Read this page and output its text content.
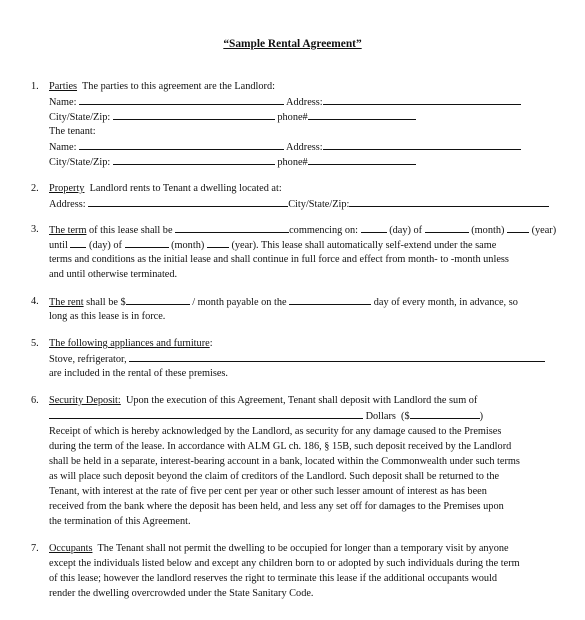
“Sample Rental Agreement”
1. Parties The parties to this agreement are the Landlord:
Name:	Address:
City/State/Zip:	phone#
The tenant:
Name:	Address:
City/State/Zip:	phone#
2. Property Landlord rents to Tenant a dwelling located at:
Address:	City/State/Zip:
3. The term of this lease shall be	commencing on:	(day) of	(month)	(year)
until (day) of	(month)	(year). This lease shall automatically self-extend under the same
terms and conditions as the initial lease and shall continue in full force and effect from month- to -month unless
and until otherwise terminated.
4. The rent shall be $	/ month payable on the	day of every month, in advance, so
long as this lease is in force.
5. The following appliances and furniture:
Stove, refrigerator,
are included in the rental of these premises.
6. Security Deposit: Upon the execution of this Agreement, Tenant shall deposit with Landlord the sum of
Dollars ($	)
Receipt of which is hereby acknowledged by the Landlord, as security for any damage caused to the Premises
during the term of the lease. In accordance with ALM GL ch. 186, § 15B, such deposit received by the Landlord
shall be held in a separate, interest-bearing account in a bank, located within the Commonwealth under such terms
as will place such deposit beyond the claim of creditors of the Landlord. Such deposit shall be returned to the
Tenant, with interest at the rate of five per cent per year or other such lesser amount of interest as has been
received from the bank where the deposit has been held, and less any set off for damages to the Premises upon
the termination of this Agreement.
7. Occupants The Tenant shall not permit the dwelling to be occupied for longer than a temporary visit by anyone
except the individuals listed below and except any children born to or adopted by such individuals during the term
of this lease; however the landlord reserves the right to terminate this lease if the additional occupants would
render the dwelling overcrowded under the State Sanitary Code.
